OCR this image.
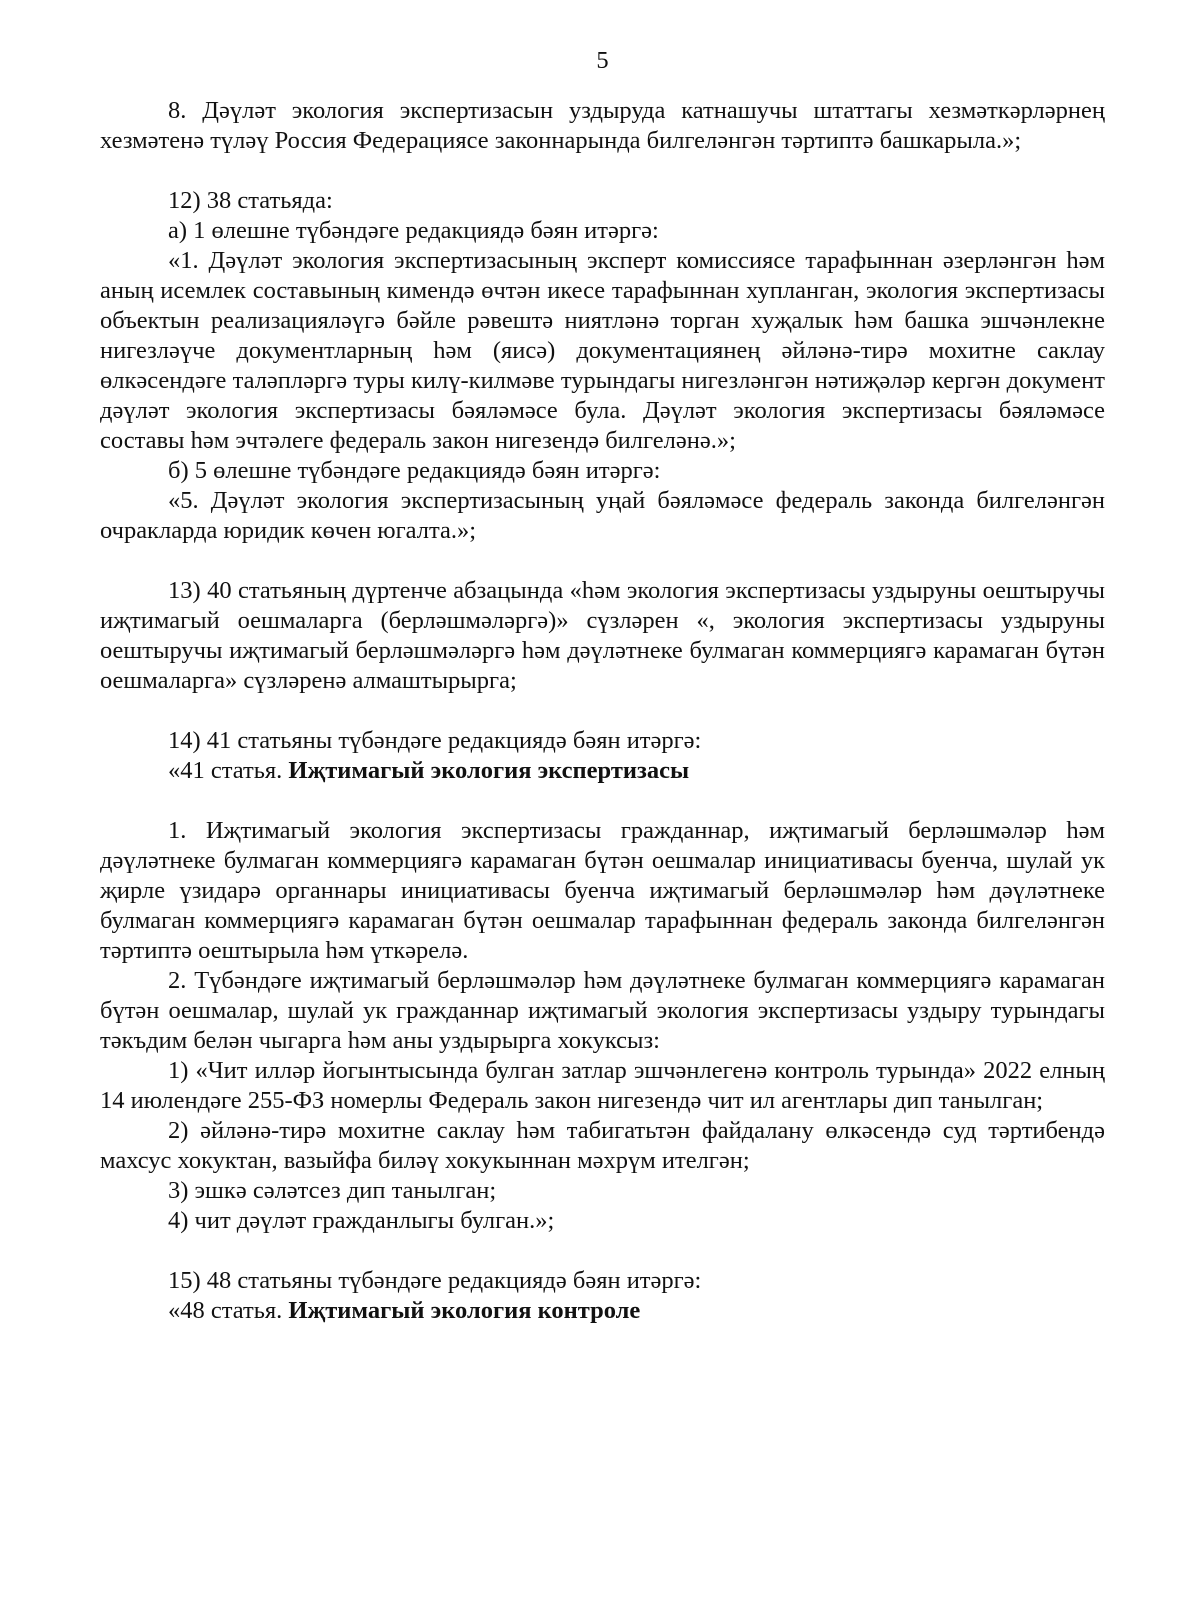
5

8. Дәүләт экология экспертизасын уздыруда катнашучы штаттагы хезмәткәрләрнең хезмәтенә түләү Россия Федерациясе законнарында билгеләнгән тәртиптә башкарыла.»;

12) 38 статьяда:

а) 1 өлешне түбәндәге редакциядә бәян итәргә:

«1. Дәүләт экология экспертизасының эксперт комиссиясе тарафыннан әзерләнгән һәм аның исемлек составының кимендә өчтән икесе тарафыннан хупланган, экология экспертизасы объектын реализацияләүгә бәйле рәвештә ниятләнә торган хуҗалык һәм башка эшчәнлекне нигезләүче документларның һәм (яисә) документациянең әйләнә-тирә мохитне саклау өлкәсендәге таләпләргә туры килү-килмәве турындагы нигезләнгән нәтиҗәләр кергән документ дәүләт экология экспертизасы бәяләмәсе була. Дәүләт экология экспертизасы бәяләмәсе составы һәм эчтәлеге федераль закон нигезендә билгеләнә.»;

б) 5 өлешне түбәндәге редакциядә бәян итәргә:

«5. Дәүләт экология экспертизасының уңай бәяләмәсе федераль законда билгеләнгән очракларда юридик көчен югалта.»;

13) 40 статьяның дүртенче абзацында «һәм экология экспертизасы уздыруны оештыручы иҗтимагый оешмаларга (берләшмәләргә)» сүзләрен «, экология экспертизасы уздыруны оештыручы иҗтимагый берләшмәләргә һәм дәүләтнеке булмаган коммерциягә карамаган бүтән оешмаларга» сүзләренә алмаштырырга;

14) 41 статьяны түбәндәге редакциядә бәян итәргә:

«41 статья. Иҗтимагый экология экспертизасы

1. Иҗтимагый экология экспертизасы гражданнар, иҗтимагый берләшмәләр һәм дәүләтнеке булмаган коммерциягә карамаган бүтән оешмалар инициативасы буенча, шулай ук җирле үзидарә органнары инициативасы буенча иҗтимагый берләшмәләр һәм дәүләтнеке булмаган коммерциягә карамаган бүтән оешмалар тарафыннан федераль законда билгеләнгән тәртиптә оештырыла һәм үткәрелә.

2. Түбәндәге иҗтимагый берләшмәләр һәм дәүләтнеке булмаган коммерциягә карамаган бүтән оешмалар, шулай ук гражданнар иҗтимагый экология экспертизасы уздыру турындагы тәкъдим белән чыгарга һәм аны уздырырга хокуксыз:

1) «Чит илләр йогынтысында булган затлар эшчәнлегенә контроль турында» 2022 елның 14 июлендәге 255-ФЗ номерлы Федераль закон нигезендә чит ил агентлары дип танылган;

2) әйләнә-тирә мохитне саклау һәм табигатьтән файдалану өлкәсендә суд тәртибендә махсус хокуктан, вазыйфа биләү хокукыннан мәхрүм ителгән;

3) эшкә сәләтсез дип танылган;

4) чит дәүләт гражданлыгы булган.»;

15) 48 статьяны түбәндәге редакциядә бәян итәргә:

«48 статья. Иҗтимагый экология контроле
